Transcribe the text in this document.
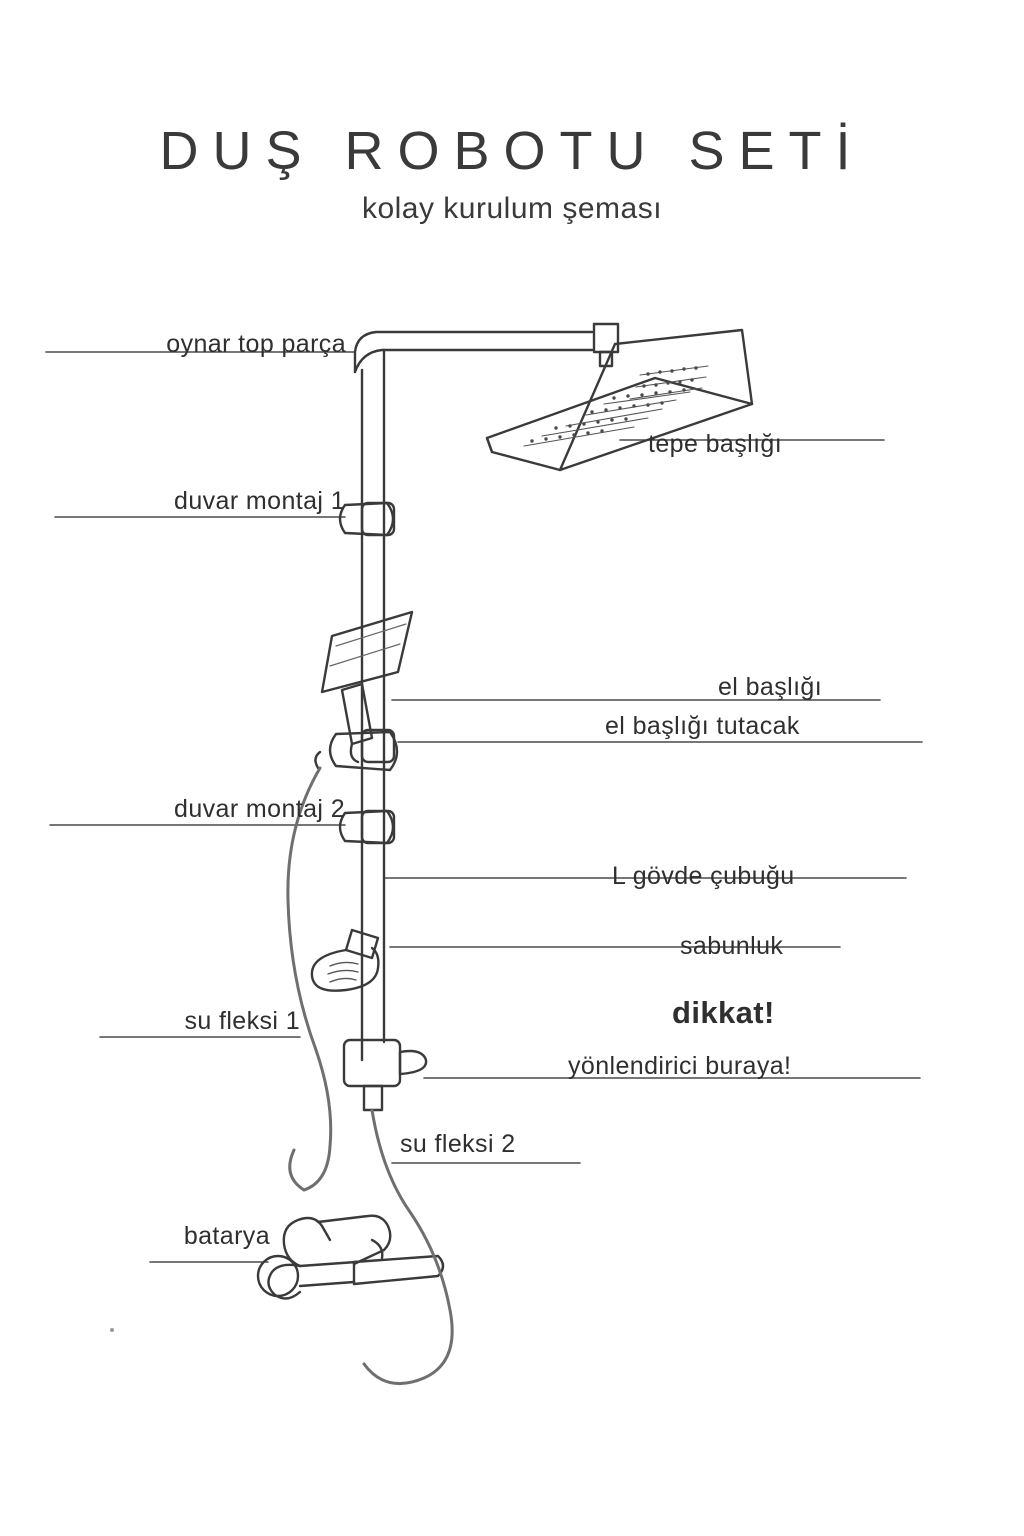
DUŞ ROBOTU SETİ
kolay kurulum şeması
oynar top parça
tepe başlığı
duvar montaj 1
el başlığı
el başlığı tutacak
duvar montaj 2
L gövde çubuğu
sabunluk
su fleksi 1	dikkat!
yönlendirici buraya!
su fleksi 2
batarya
